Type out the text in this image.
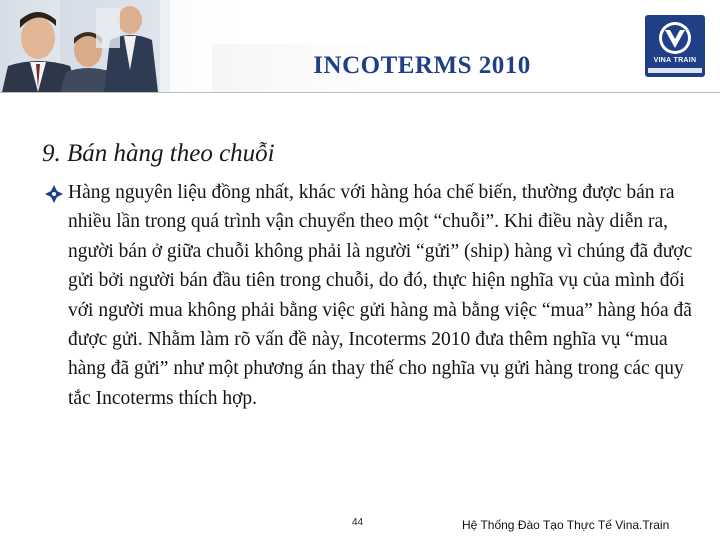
INCOTERMS 2010	VINA TRAIN
9. Bán hàng theo chuỗi
Hàng nguyên liệu đồng nhất, khác với hàng hóa chế biến, thường được bán ra nhiều lần trong quá trình vận chuyển theo một “chuỗi”. Khi điều này diễn ra, người bán ở giữa chuỗi không phải là người “gửi” (ship) hàng vì chúng đã được gửi bởi người bán đầu tiên trong chuỗi, do đó, thực hiện nghĩa vụ của mình đối với người mua không phải bằng việc gửi hàng mà bằng việc “mua” hàng hóa đã được gửi. Nhằm làm rõ vấn đề này, Incoterms 2010 đưa thêm nghĩa vụ “mua hàng đã gửi” như một phương án thay thế cho nghĩa vụ gửi hàng trong các quy tắc Incoterms thích hợp.
44	Hệ Thống Đào Tạo Thực Tế Vina.Train
